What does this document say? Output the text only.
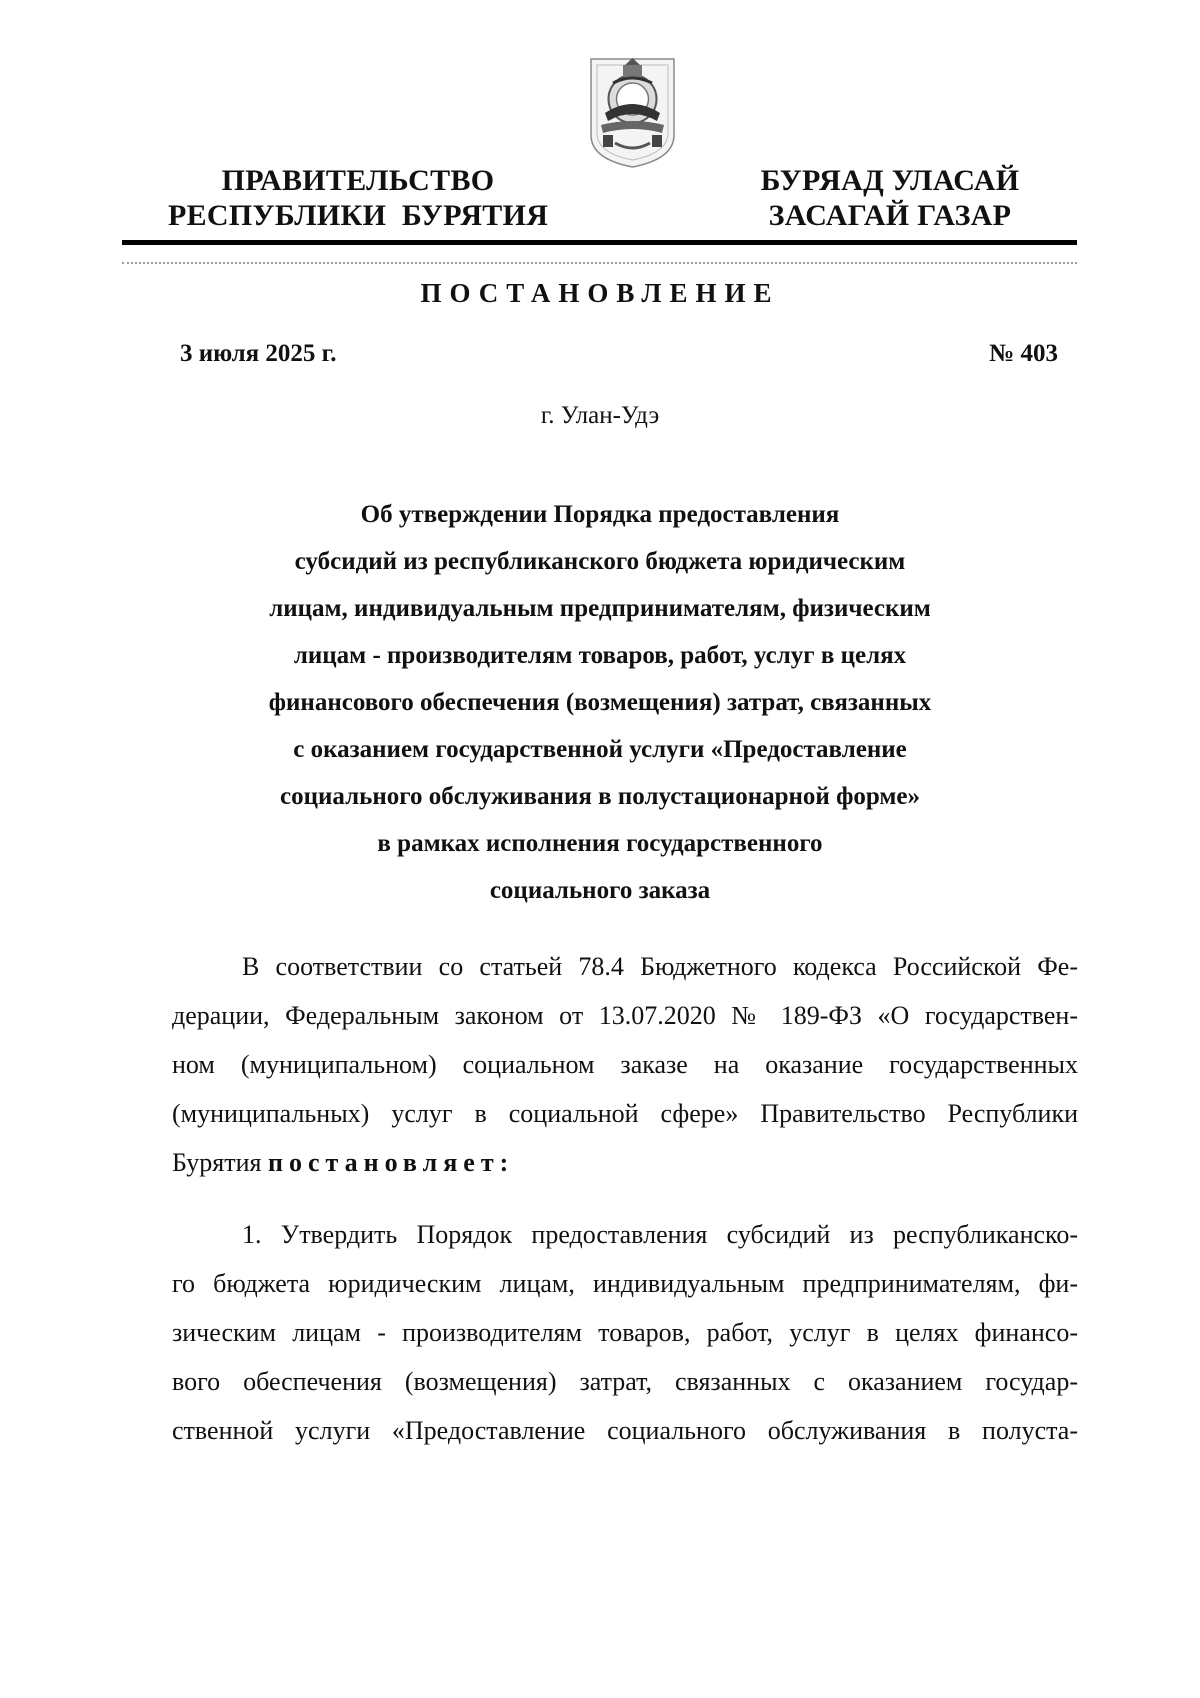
ПРАВИТЕЛЬСТВО
РЕСПУБЛИКИ  БУРЯТИЯ
БУРЯАД УЛАСАЙ
ЗАСАГАЙ ГАЗАР
ПОСТАНОВЛЕНИЕ
3 июля 2025 г.	№ 403
г. Улан-Удэ
Об утверждении Порядка предоставления
субсидий из республиканского бюджета юридическим
лицам, индивидуальным предпринимателям, физическим
лицам - производителям товаров, работ, услуг в целях
финансового обеспечения (возмещения) затрат, связанных
с оказанием государственной услуги «Предоставление
социального обслуживания в полустационарной форме»
в рамках исполнения государственного
социального заказа
В соответствии со статьей 78.4 Бюджетного кодекса Российской Фе-
дерации, Федеральным законом от 13.07.2020 № 189-ФЗ «О государствен-
ном (муниципальном) социальном заказе на оказание государственных
(муниципальных) услуг в социальной сфере» Правительство Республики
Бурятия постановляет:
1. Утвердить Порядок предоставления субсидий из республиканско-
го бюджета юридическим лицам, индивидуальным предпринимателям, фи-
зическим лицам - производителям товаров, работ, услуг в целях финансо-
вого обеспечения (возмещения) затрат, связанных с оказанием государ-
ственной услуги «Предоставление социального обслуживания в полуста-
